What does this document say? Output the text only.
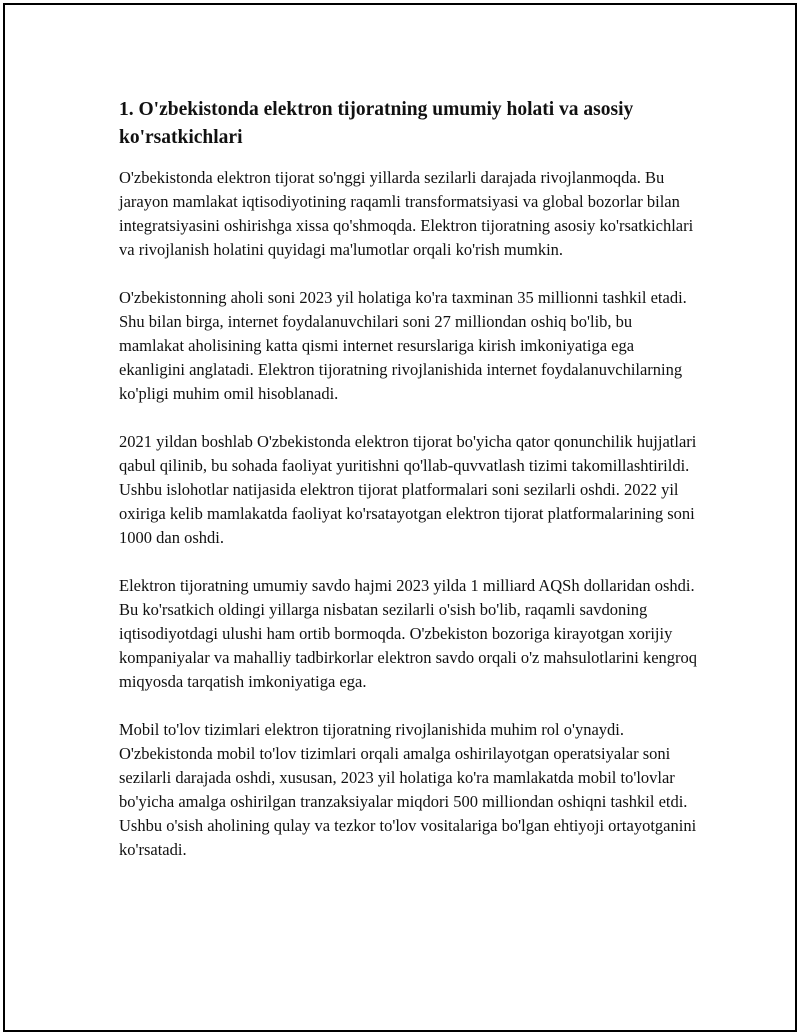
1. O'zbekistonda elektron tijoratning umumiy holati va asosiy ko'rsatkichlari

O'zbekistonda elektron tijorat so'nggi yillarda sezilarli darajada rivojlanmoqda. Bu jarayon mamlakat iqtisodiyotining raqamli transformatsiyasi va global bozorlar bilan integratsiyasini oshirishga xissa qo'shmoqda. Elektron tijoratning asosiy ko'rsatkichlari va rivojlanish holatini quyidagi ma'lumotlar orqali ko'rish mumkin.

O'zbekistonning aholi soni 2023 yil holatiga ko'ra taxminan 35 millionni tashkil etadi. Shu bilan birga, internet foydalanuvchilari soni 27 milliondan oshiq bo'lib, bu mamlakat aholisining katta qismi internet resurslariga kirish imkoniyatiga ega ekanligini anglatadi. Elektron tijoratning rivojlanishida internet foydalanuvchilarning ko'pligi muhim omil hisoblanadi.

2021 yildan boshlab O'zbekistonda elektron tijorat bo'yicha qator qonunchilik hujjatlari qabul qilinib, bu sohada faoliyat yuritishni qo'llab-quvvatlash tizimi takomillashtirildi. Ushbu islohotlar natijasida elektron tijorat platformalari soni sezilarli oshdi. 2022 yil oxiriga kelib mamlakatda faoliyat ko'rsatayotgan elektron tijorat platformalarining soni 1000 dan oshdi.

Elektron tijoratning umumiy savdo hajmi 2023 yilda 1 milliard AQSh dollaridan oshdi. Bu ko'rsatkich oldingi yillarga nisbatan sezilarli o'sish bo'lib, raqamli savdoning iqtisodiyotdagi ulushi ham ortib bormoqda. O'zbekiston bozoriga kirayotgan xorijiy kompaniyalar va mahalliy tadbirkorlar elektron savdo orqali o'z mahsulotlarini kengroq miqyosda tarqatish imkoniyatiga ega.

Mobil to'lov tizimlari elektron tijoratning rivojlanishida muhim rol o'ynaydi. O'zbekistonda mobil to'lov tizimlari orqali amalga oshirilayotgan operatsiyalar soni sezilarli darajada oshdi, xususan, 2023 yil holatiga ko'ra mamlakatda mobil to'lovlar bo'yicha amalga oshirilgan tranzaksiyalar miqdori 500 milliondan oshiqni tashkil etdi. Ushbu o'sish aholining qulay va tezkor to'lov vositalariga bo'lgan ehtiyoji ortayotganini ko'rsatadi.
